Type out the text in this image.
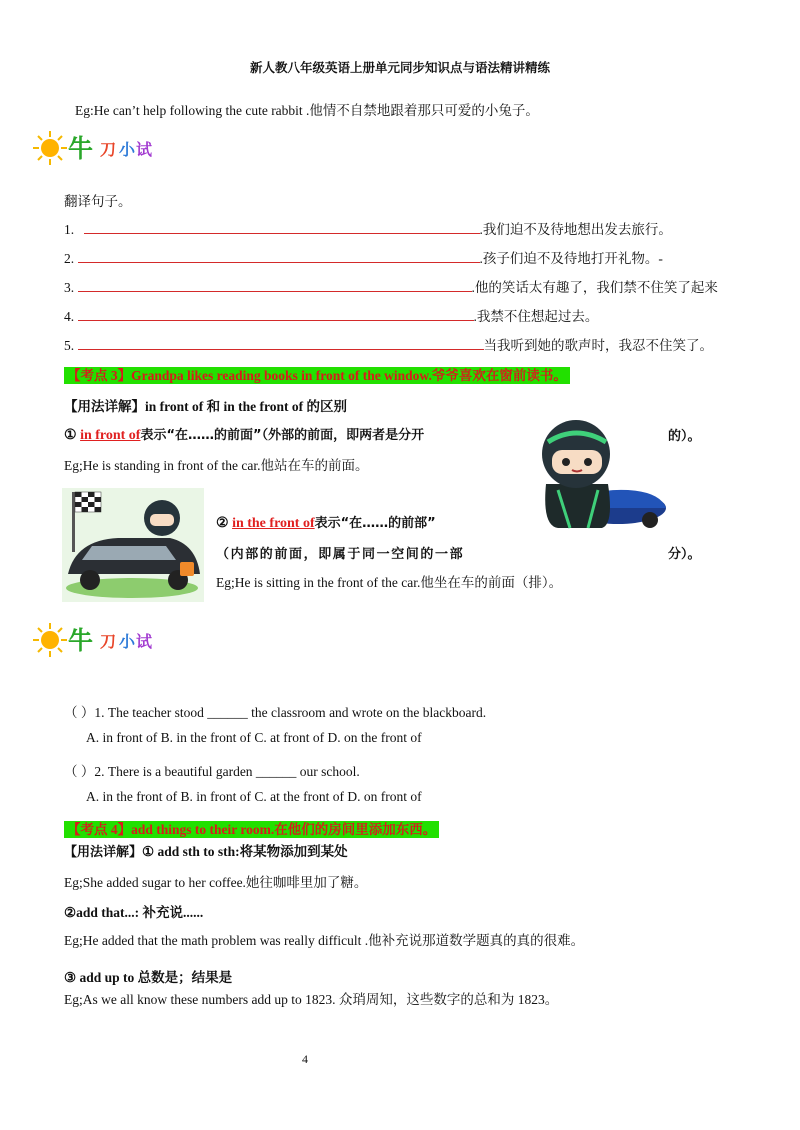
新人教八年级英语上册单元同步知识点与语法精讲精练
Eg:He can’t help following the cute rabbit .他情不自禁地跟着那只可爱的小兔子。
牛 刀 小 试
翻译句子。
1.	.我们迫不及待地想出发去旅行。
2.	.孩子们迫不及待地打开礼物。-
3.	.他的笑话太有趣了，我们禁不住笑了起来
4.	.我禁不住想起过去。
5.	当我听到她的歌声时，我忍不住笑了。
【考点 3】Grandpa likes reading books in front of the window.爷爷喜欢在窗前读书。
【用法详解】in front of 和 in the front of 的区别
① in front of表示“在……的前面”（外部的前面，即两者是分开	的）。
Eg;He is standing in front of the car.他站在车的前面。
② in the front of表示“在……的前部”
（内部的前面，即属于同一空间的一部	分）。
Eg;He is sitting in the front of the car.他坐在车的前面（排）。
牛 刀 小 试
（ ）1. The teacher stood ______ the classroom and wrote on the blackboard.
A. in front of B. in the front of C. at front of D. on the front of
（ ）2. There is a beautiful garden ______ our school.
A. in the front of B. in front of C. at the front of D. on front of
【考点 4】add things to their room.在他们的房间里添加东西。
【用法详解】① add sth to sth:将某物添加到某处
Eg;She added sugar to her coffee.她往咖啡里加了糖。
②add that...: 补充说......
Eg;He added that the math problem was really difficult .他补充说那道数学题真的真的很难。
③ add up to 总数是；结果是
Eg;As we all know these numbers add up to 1823. 众琑周知，这些数字的总和为 1823。
4
